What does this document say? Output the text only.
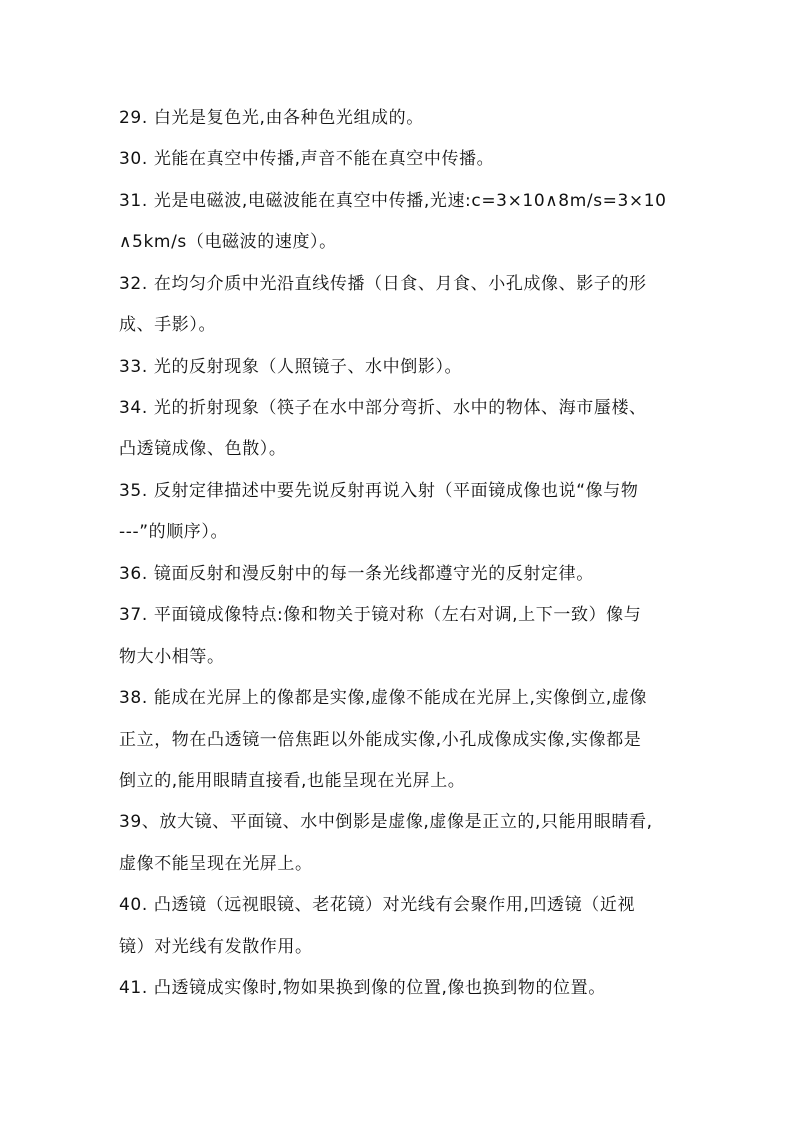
29. 白光是复色光,由各种色光组成的。
30. 光能在真空中传播,声音不能在真空中传播。
31. 光是电磁波,电磁波能在真空中传播,光速:c=3×10∧8m/s=3×10
∧5km/s（电磁波的速度）。
32. 在均匀介质中光沿直线传播（日食、月食、小孔成像、影子的形
成、手影）。
33. 光的反射现象（人照镜子、水中倒影）。
34. 光的折射现象（筷子在水中部分弯折、水中的物体、海市蜃楼、
凸透镜成像、色散）。
35. 反射定律描述中要先说反射再说入射（平面镜成像也说“像与物
---”的顺序）。
36. 镜面反射和漫反射中的每一条光线都遵守光的反射定律。
37. 平面镜成像特点:像和物关于镜对称（左右对调,上下一致）像与
物大小相等。
38. 能成在光屏上的像都是实像,虚像不能成在光屏上,实像倒立,虚像
正立，物在凸透镜一倍焦距以外能成实像,小孔成像成实像,实像都是
倒立的,能用眼睛直接看,也能呈现在光屏上。
39、放大镜、平面镜、水中倒影是虚像,虚像是正立的,只能用眼睛看,
虚像不能呈现在光屏上。
40. 凸透镜（远视眼镜、老花镜）对光线有会聚作用,凹透镜（近视
镜）对光线有发散作用。
41. 凸透镜成实像时,物如果换到像的位置,像也换到物的位置。
